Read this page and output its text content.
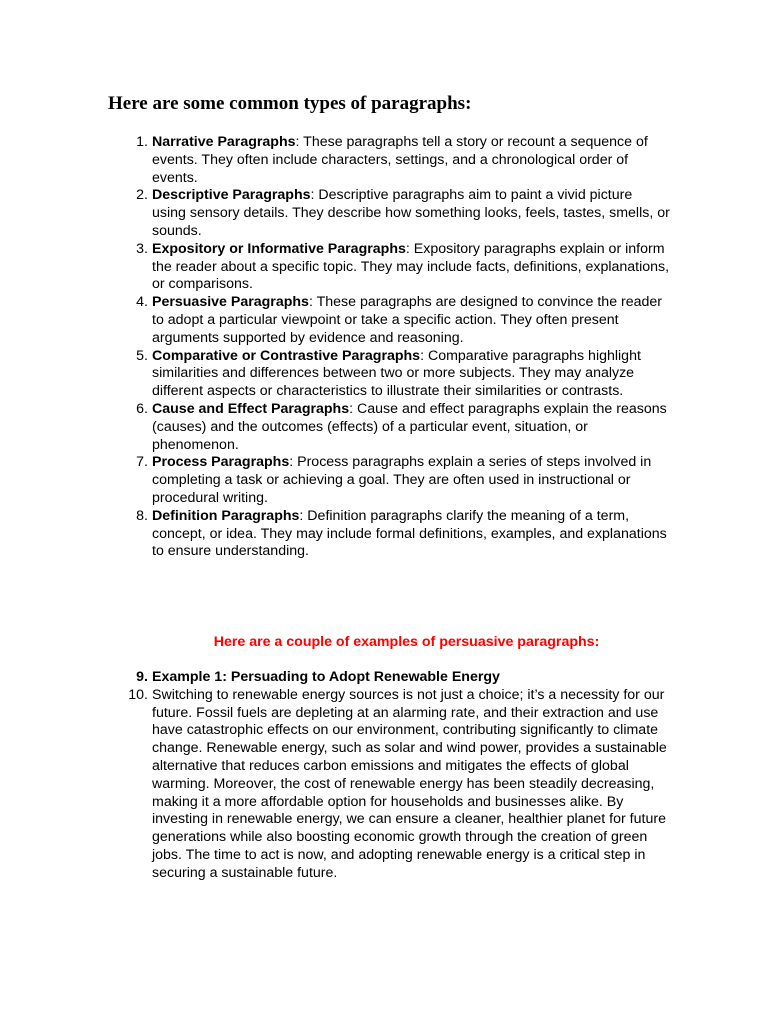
Here are some common types of paragraphs:
1. Narrative Paragraphs: These paragraphs tell a story or recount a sequence of events. They often include characters, settings, and a chronological order of events.
2. Descriptive Paragraphs: Descriptive paragraphs aim to paint a vivid picture using sensory details. They describe how something looks, feels, tastes, smells, or sounds.
3. Expository or Informative Paragraphs: Expository paragraphs explain or inform the reader about a specific topic. They may include facts, definitions, explanations, or comparisons.
4. Persuasive Paragraphs: These paragraphs are designed to convince the reader to adopt a particular viewpoint or take a specific action. They often present arguments supported by evidence and reasoning.
5. Comparative or Contrastive Paragraphs: Comparative paragraphs highlight similarities and differences between two or more subjects. They may analyze different aspects or characteristics to illustrate their similarities or contrasts.
6. Cause and Effect Paragraphs: Cause and effect paragraphs explain the reasons (causes) and the outcomes (effects) of a particular event, situation, or phenomenon.
7. Process Paragraphs: Process paragraphs explain a series of steps involved in completing a task or achieving a goal. They are often used in instructional or procedural writing.
8. Definition Paragraphs: Definition paragraphs clarify the meaning of a term, concept, or idea. They may include formal definitions, examples, and explanations to ensure understanding.

Here are a couple of examples of persuasive paragraphs:

9. Example 1: Persuading to Adopt Renewable Energy
10. Switching to renewable energy sources is not just a choice; it’s a necessity for our future. Fossil fuels are depleting at an alarming rate, and their extraction and use have catastrophic effects on our environment, contributing significantly to climate change. Renewable energy, such as solar and wind power, provides a sustainable alternative that reduces carbon emissions and mitigates the effects of global warming. Moreover, the cost of renewable energy has been steadily decreasing, making it a more affordable option for households and businesses alike. By investing in renewable energy, we can ensure a cleaner, healthier planet for future generations while also boosting economic growth through the creation of green jobs. The time to act is now, and adopting renewable energy is a critical step in securing a sustainable future.
